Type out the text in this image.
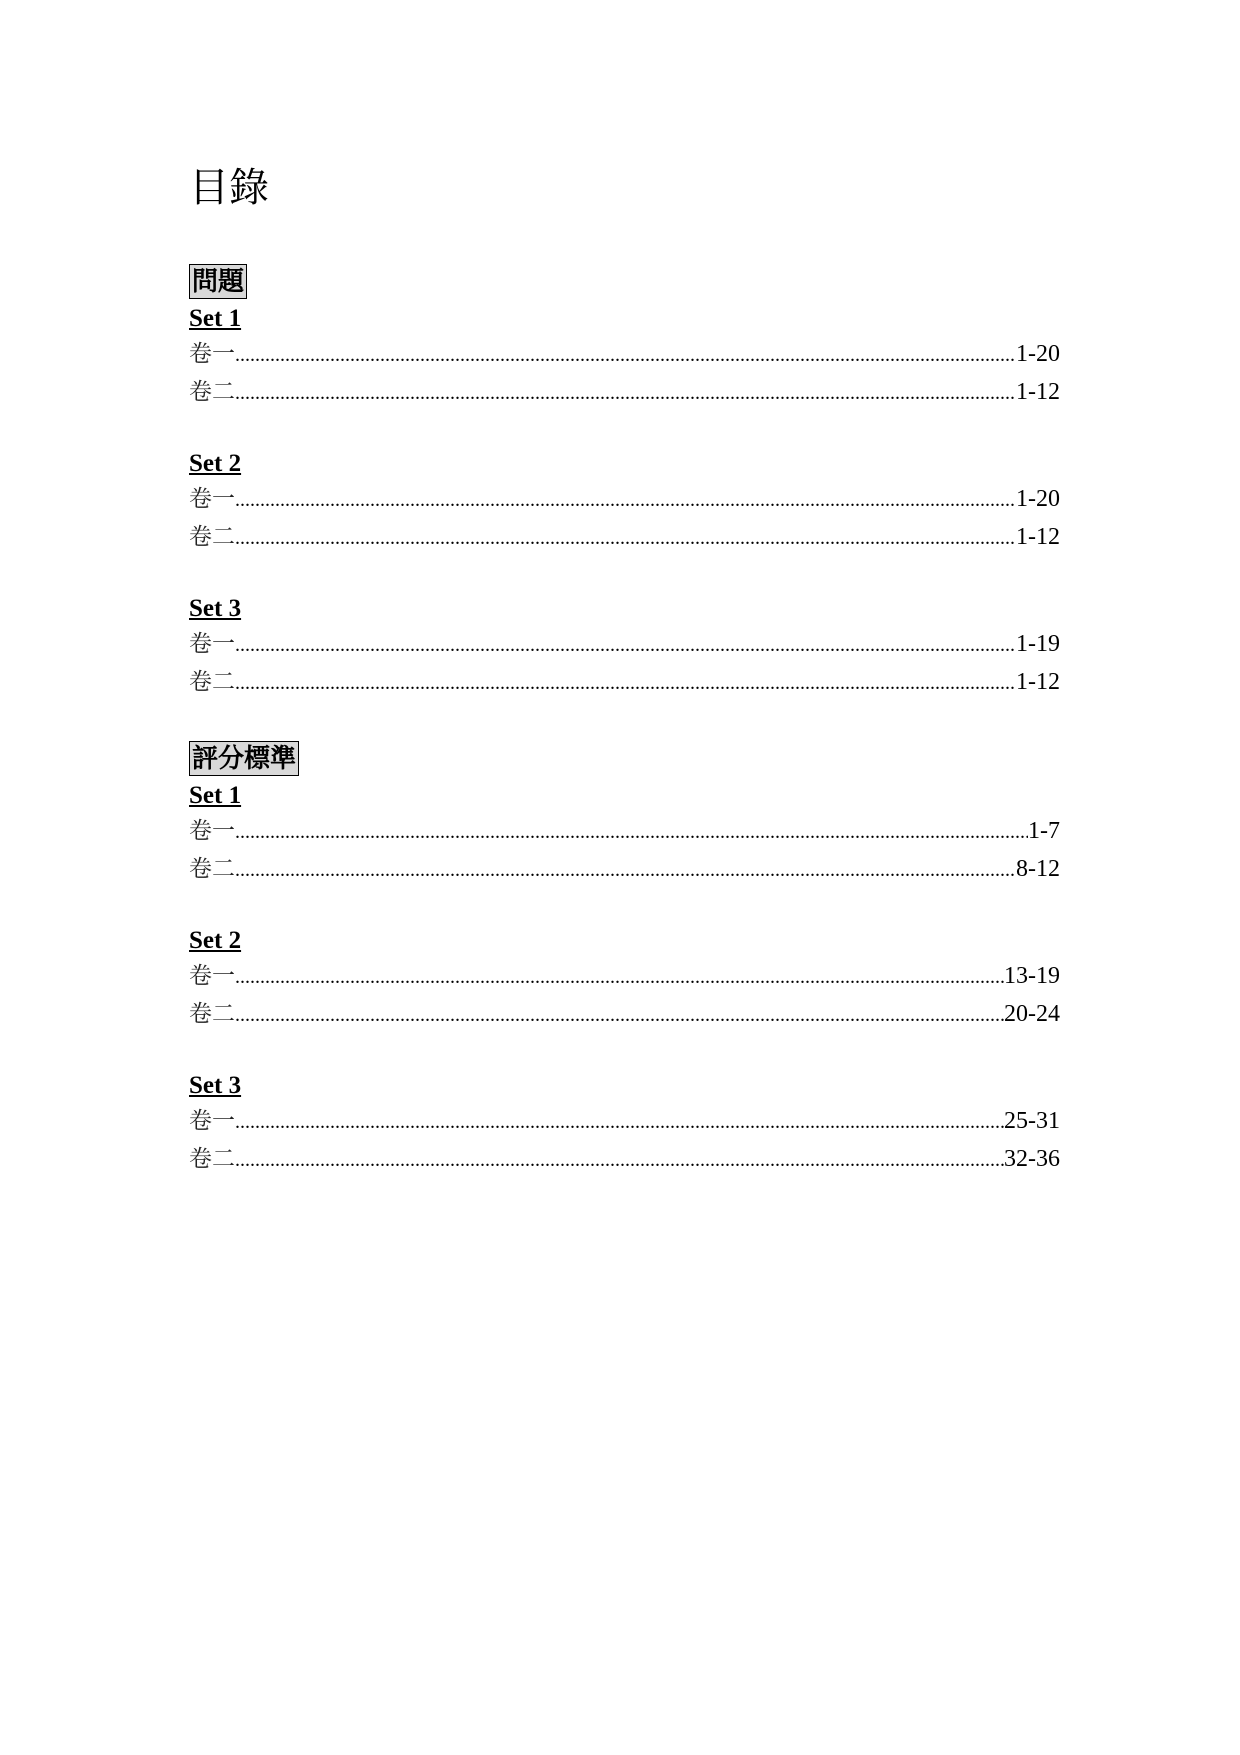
目錄
問題
Set 1
卷一 .....	1-20
卷二 .....	1-12
Set 2
卷一 .....	1-20
卷二 .....	1-12
Set 3
卷一 .....	1-19
卷二 .....	1-12
評分標準
Set 1
卷一 .....	1-7
卷二 .....	8-12
Set 2
卷一 .....	13-19
卷二 .....	20-24
Set 3
卷一 .....	25-31
卷二 .....	32-36
